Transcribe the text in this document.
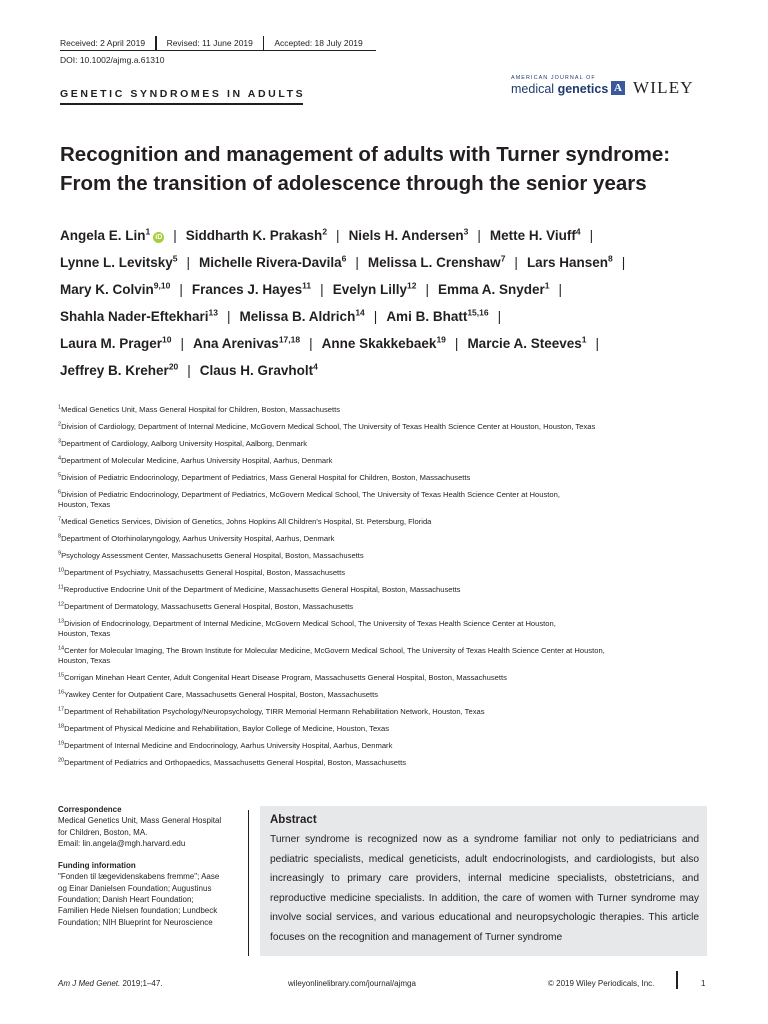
Received: 2 April 2019	Revised: 11 June 2019	Accepted: 18 July 2019
DOI: 10.1002/ajmg.a.61310
GENETIC SYNDROMES IN ADULTS
AMERICAN JOURNAL OF
medical genetics A WILEY
Recognition and management of adults with Turner syndrome:
From the transition of adolescence through the senior years
Angela E. Lin$^1$iD | Siddharth K. Prakash$^2$ | Niels H. Andersen$^3$ | Mette H. Viuff$^4$ |
Lynne L. Levitsky$^5$ | Michelle Rivera-Davila$^6$ | Melissa L. Crenshaw$^7$ | Lars Hansen$^8$ |
Mary K. Colvin$^{9,10}$ | Frances J. Hayes$^{11}$ | Evelyn Lilly$^{12}$ | Emma A. Snyder$^1$ |
Shahla Nader-Eftekhari$^{13}$ | Melissa B. Aldrich$^{14}$ | Ami B. Bhatt$^{15,16}$ |
Laura M. Prager$^{10}$ | Ana Arenivas$^{17,18}$ | Anne Skakkebaek$^{19}$ | Marcie A. Steeves$^1$ |
Jeffrey B. Kreher$^{20}$ | Claus H. Gravholt$^4$
$^1$Medical Genetics Unit, Mass General Hospital for Children, Boston, Massachusetts
$^2$Division of Cardiology, Department of Internal Medicine, McGovern Medical School, The University of Texas Health Science Center at Houston, Houston, Texas
$^3$Department of Cardiology, Aalborg University Hospital, Aalborg, Denmark
$^4$Department of Molecular Medicine, Aarhus University Hospital, Aarhus, Denmark
$^5$Division of Pediatric Endocrinology, Department of Pediatrics, Mass General Hospital for Children, Boston, Massachusetts
$^6$Division of Pediatric Endocrinology, Department of Pediatrics, McGovern Medical School, The University of Texas Health Science Center at Houston,
Houston, Texas
$^7$Medical Genetics Services, Division of Genetics, Johns Hopkins All Children's Hospital, St. Petersburg, Florida
$^8$Department of Otorhinolaryngology, Aarhus University Hospital, Aarhus, Denmark
$^9$Psychology Assessment Center, Massachusetts General Hospital, Boston, Massachusetts
$^{10}$Department of Psychiatry, Massachusetts General Hospital, Boston, Massachusetts
$^{11}$Reproductive Endocrine Unit of the Department of Medicine, Massachusetts General Hospital, Boston, Massachusetts
$^{12}$Department of Dermatology, Massachusetts General Hospital, Boston, Massachusetts
$^{13}$Division of Endocrinology, Department of Internal Medicine, McGovern Medical School, The University of Texas Health Science Center at Houston,
Houston, Texas
$^{14}$Center for Molecular Imaging, The Brown Institute for Molecular Medicine, McGovern Medical School, The University of Texas Health Science Center at Houston,
Houston, Texas
$^{15}$Corrigan Minehan Heart Center, Adult Congenital Heart Disease Program, Massachusetts General Hospital, Boston, Massachusetts
$^{16}$Yawkey Center for Outpatient Care, Massachusetts General Hospital, Boston, Massachusetts
$^{17}$Department of Rehabilitation Psychology/Neuropsychology, TIRR Memorial Hermann Rehabilitation Network, Houston, Texas
$^{18}$Department of Physical Medicine and Rehabilitation, Baylor College of Medicine, Houston, Texas
$^{19}$Department of Internal Medicine and Endocrinology, Aarhus University Hospital, Aarhus, Denmark
$^{20}$Department of Pediatrics and Orthopaedics, Massachusetts General Hospital, Boston, Massachusetts
Correspondence
Medical Genetics Unit, Mass General Hospital
for Children, Boston, MA.
Email: lin.angela@mgh.harvard.edu
Funding information
"Fonden til lægevidenskabens fremme"; Aase
og Einar Danielsen Foundation; Augustinus
Foundation; Danish Heart Foundation;
Familien Hede Nielsen foundation; Lundbeck
Foundation; NIH Blueprint for Neuroscience
Abstract

Turner syndrome is recognized now as a syndrome familiar not only to pediatricians and pediatric specialists, medical geneticists, adult endocrinologists, and cardiologists, but also increasingly to primary care providers, internal medicine specialists, obstetricians, and reproductive medicine specialists. In addition, the care of women with Turner syndrome may involve social services, and various educational and neuropsychologic therapies. This article focuses on the recognition and management of Turner syndrome

Am J Med Genet. 2019;1–47.	wileyonlinelibrary.com/journal/ajmga	© 2019 Wiley Periodicals, Inc.	1
